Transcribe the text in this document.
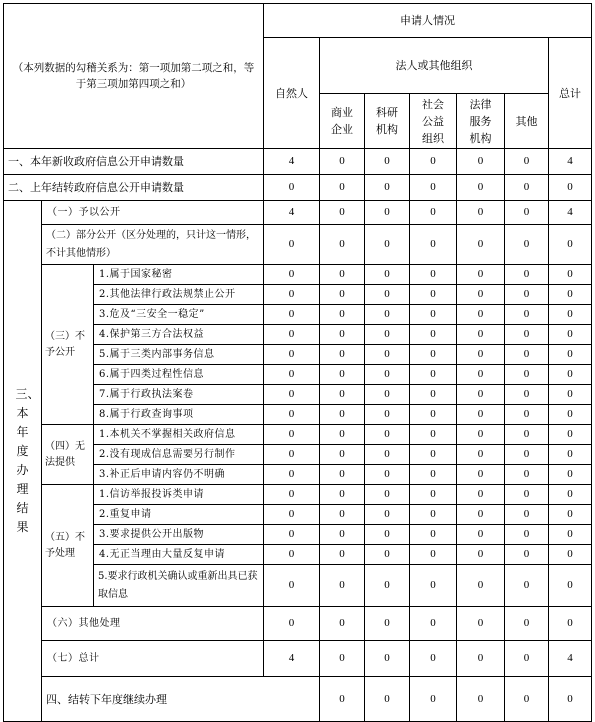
（本列数据的勾稽关系为：第一项加第二项之和，等于第三项加第四项之和）			申请人情况							
			自然人	法人或其他组织					总计	
				商业企业	科研机构	社会公益组织	法律服务机构	其他		
一、本年新收政府信息公开申请数量			4	0	0	0	0	0	4	
二、上年结转政府信息公开申请数量			0	0	0	0	0	0	0	

三、本年度办理结果	（一）予以公开		4	0	0	0	0	0	4	
	（二）部分公开（区分处理的，只计这一情形，不计其他情形）		0	0	0	0	0	0	0	
	（三）不予公开	1.属于国家秘密	0	0	0	0	0	0	0	
		2.其他法律行政法规禁止公开	0	0	0	0	0	0	0	
		3.危及“三安全一稳定”	0	0	0	0	0	0	0	
		4.保护第三方合法权益	0	0	0	0	0	0	0	
		5.属于三类内部事务信息	0	0	0	0	0	0	0	
		6.属于四类过程性信息	0	0	0	0	0	0	0	
		7.属于行政执法案卷	0	0	0	0	0	0	0	
		8.属于行政查询事项	0	0	0	0	0	0	0	
	（四）无法提供	1.本机关不掌握相关政府信息	0	0	0	0	0	0	0	
		2.没有现成信息需要另行制作	0	0	0	0	0	0	0	
		3.补正后申请内容仍不明确	0	0	0	0	0	0	0	
	（五）不予处理	1.信访举报投诉类申请	0	0	0	0	0	0	0	
		2.重复申请	0	0	0	0	0	0	0	
		3.要求提供公开出版物	0	0	0	0	0	0	0	
		4.无正当理由大量反复申请	0	0	0	0	0	0	0	
		5.要求行政机关确认或重新出具已获取信息	0	0	0	0	0	0	0	
	（六）其他处理		0	0	0	0	0	0	0	
	（七）总计		4	0	0	0	0	0	4	
	四、结转下年度继续办理			0	0	0	0	0	0	
